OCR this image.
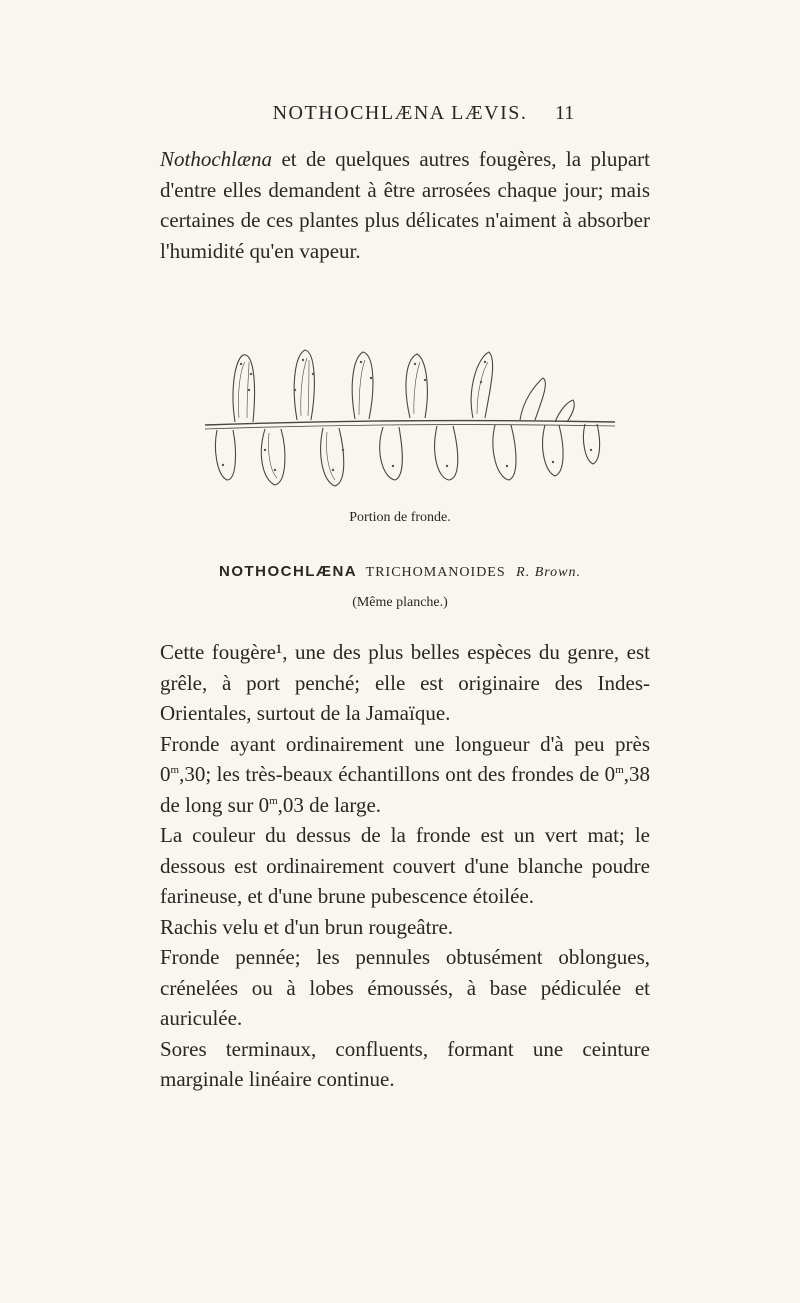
NOTHOCHLÆNA LÆVIS.	11

Nothochlæna et de quelques autres fougères, la plupart d'entre elles demandent à être arrosées chaque jour; mais certaines de ces plantes plus délicates n'aiment à absorber l'humidité qu'en vapeur.

Portion de fronde.
NOTHOCHLÆNA TRICHOMANOIDES R. Brown.
(Même planche.)

Cette fougère¹, une des plus belles espèces du genre, est grêle, à port penché; elle est originaire des Indes-Orientales, surtout de la Jamaïque.

Fronde ayant ordinairement une longueur d'à peu près 0$^m$,30; les très-beaux échantillons ont des frondes de 0$^m$,38 de long sur 0$^m$,03 de large.

La couleur du dessus de la fronde est un vert mat; le dessous est ordinairement couvert d'une blanche poudre farineuse, et d'une brune pubescence étoilée.

Rachis velu et d'un brun rougeâtre.

Fronde pennée; les pennules obtusément oblongues, crénelées ou à lobes émoussés, à base pédiculée et auriculée.

Sores terminaux, confluents, formant une ceinture marginale linéaire continue.
